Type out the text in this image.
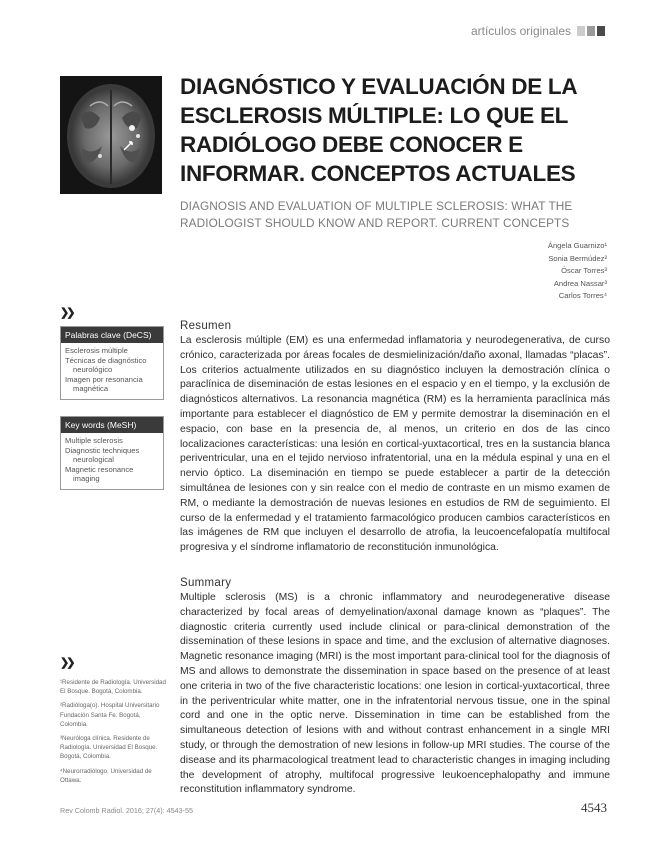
artículos originales
DIAGNÓSTICO Y EVALUACIÓN DE LA ESCLEROSIS MÚLTIPLE: LO QUE EL RADIÓLOGO DEBE CONOCER E INFORMAR. CONCEPTOS ACTUALES
DIAGNOSIS AND EVALUATION OF MULTIPLE SCLEROSIS: WHAT THE RADIOLOGIST SHOULD KNOW AND REPORT. CURRENT CONCEPTS
Ángela Guarnizo¹
Sonia Bermúdez²
Óscar Torres³
Andrea Nassar³
Carlos Torres⁴
❯❯
Palabras clave (DeCS)
Esclerosis múltiple
Técnicas de diagnóstico neurológico
Imagen por resonancia magnética
Key words (MeSH)
Multiple sclerosis
Diagnostic techniques neurological
Magnetic resonance imaging
❯❯

¹Residente de Radiología. Universidad El Bosque. Bogotá, Colombia.

²Radióloga(o). Hospital Universitario Fundación Santa Fe. Bogotá, Colombia.

³Neuróloga clínica. Residente de Radiología. Universidad El Bosque. Bogotá, Colombia.

⁴Neurorradiólogo. Universidad de Ottawa.

Resumen
La esclerosis múltiple (EM) es una enfermedad inflamatoria y neurodegenerativa, de curso crónico, caracterizada por áreas focales de desmielinización/daño axonal, llamadas “placas”. Los criterios actualmente utilizados en su diagnóstico incluyen la demostración clínica o paraclínica de diseminación de estas lesiones en el espacio y en el tiempo, y la exclusión de diagnósticos alternativos. La resonancia magnética (RM) es la herramienta paraclínica más importante para establecer el diagnóstico de EM y permite demostrar la diseminación en el espacio, con base en la presencia de, al menos, un criterio en dos de las cinco localizaciones características: una lesión en cortical-yuxtacortical, tres en la sustancia blanca periventricular, una en el tejido nervioso infratentorial, una en la médula espinal y una en el nervio óptico. La diseminación en tiempo se puede establecer a partir de la detección simultánea de lesiones con y sin realce con el medio de contraste en un mismo examen de RM, o mediante la demostración de nuevas lesiones en estudios de RM de seguimiento. El curso de la enfermedad y el tratamiento farmacológico producen cambios característicos en las imágenes de RM que incluyen el desarrollo de atrofia, la leucoencefalopatía multifocal progresiva y el síndrome inflamatorio de reconstitución inmunológica.
Summary
Multiple sclerosis (MS) is a chronic inflammatory and neurodegenerative disease characterized by focal areas of demyelination/axonal damage known as “plaques”. The diagnostic criteria currently used include clinical or para-clinical demonstration of the dissemination of these lesions in space and time, and the exclusion of alternative diagnoses. Magnetic resonance imaging (MRI) is the most important para-clinical tool for the diagnosis of MS and allows to demonstrate the dissemination in space based on the presence of at least one criteria in two of the five characteristic locations: one lesion in cortical-yuxtacortical, three in the periventricular white matter, one in the infratentorial nervous tissue, one in the spinal cord and one in the optic nerve. Dissemination in time can be established from the simultaneous detection of lesions with and without contrast enhancement in a single MRI study, or through the demostration of new lesions in follow-up MRI studies. The course of the disease and its pharmacological treatment lead to characteristic changes in imaging including the development of atrophy, multifocal progressive leukoencephalopathy and immune reconstitution inflammatory syndrome.
Rev Colomb Radiol. 2016; 27(4): 4543-55	4543
